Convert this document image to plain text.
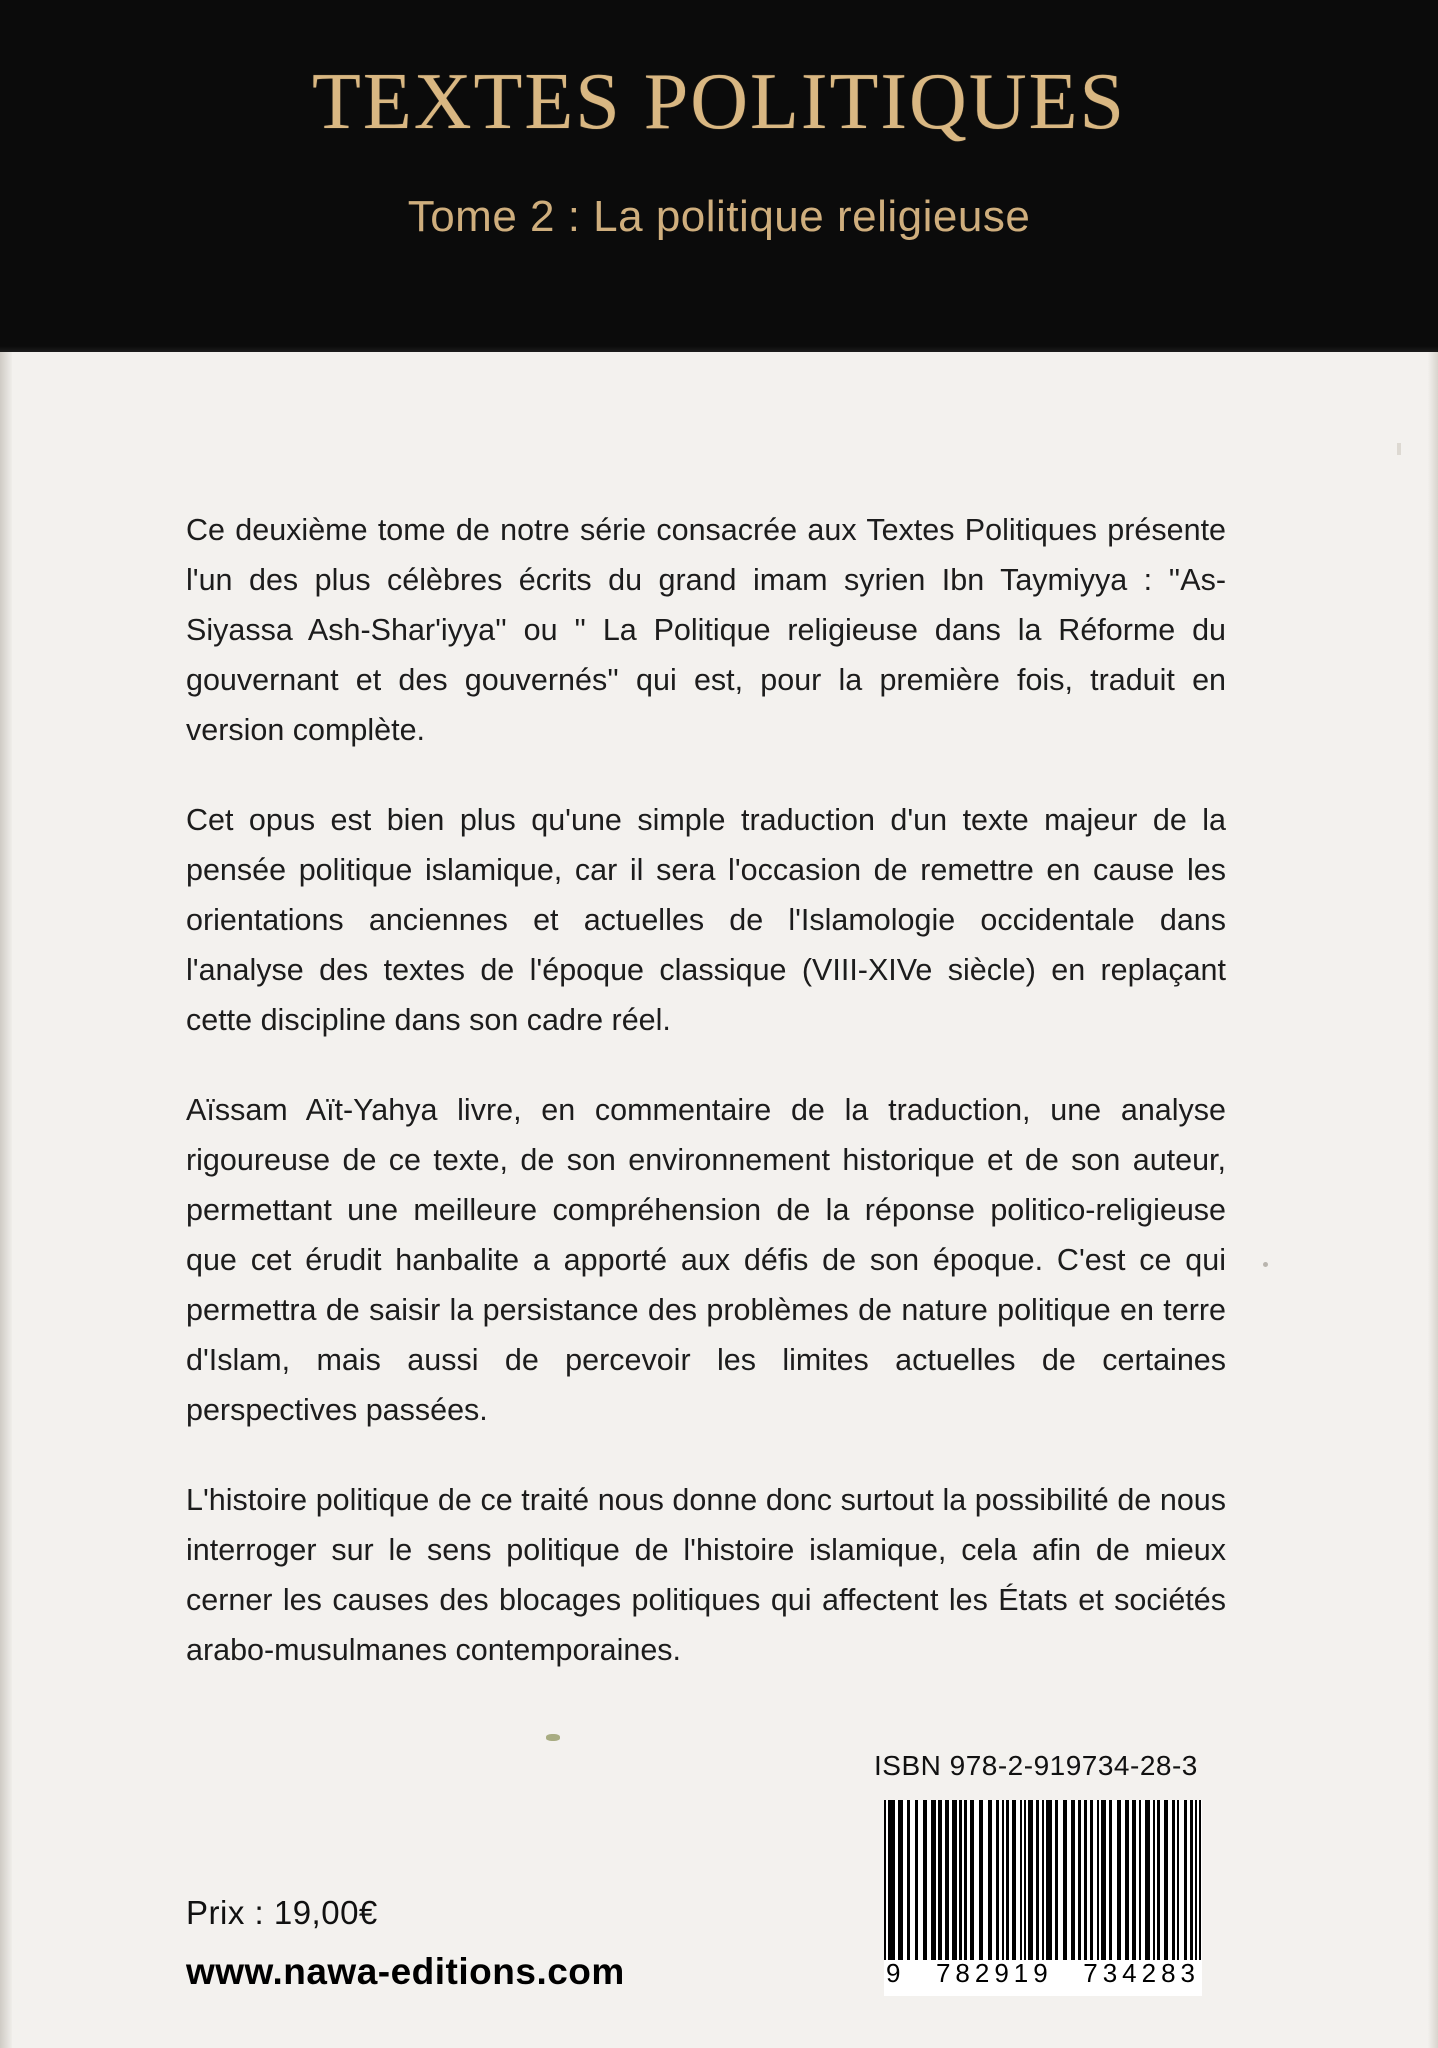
TEXTES POLITIQUES
Tome 2 : La politique religieuse

Ce deuxième tome de notre série consacrée aux Textes Politiques présente l'un des plus célèbres écrits du grand imam syrien Ibn Taymiyya : ''As-Siyassa Ash-Shar'iyya'' ou '' La Politique religieuse dans la Réforme du gouvernant et des gouvernés'' qui est, pour la première fois, traduit en version complète.

Cet opus est bien plus qu'une simple traduction d'un texte majeur de la pensée politique islamique, car il sera l'occasion de remettre en cause les orientations anciennes et actuelles de l'Islamologie occidentale dans l'analyse des textes de l'époque classique (VIII-XIVe siècle) en replaçant cette discipline dans son cadre réel.

Aïssam Aït-Yahya livre, en commentaire de la traduction, une analyse rigoureuse de ce texte, de son environnement historique et de son auteur, permettant une meilleure compréhension de la réponse politico-religieuse que cet érudit hanbalite a apporté aux défis de son époque. C'est ce qui permettra de saisir la persistance des problèmes de nature politique en terre d'Islam, mais aussi de percevoir les limites actuelles de certaines perspectives passées.

L'histoire politique de ce traité nous donne donc surtout la possibilité de nous interroger sur le sens politique de l'histoire islamique, cela afin de mieux cerner les causes des blocages politiques qui affectent les États et sociétés arabo-musulmanes contemporaines.

Prix : 19,00€
www.nawa-editions.com
ISBN 978-2-919734-28-3
9 782919 734283
